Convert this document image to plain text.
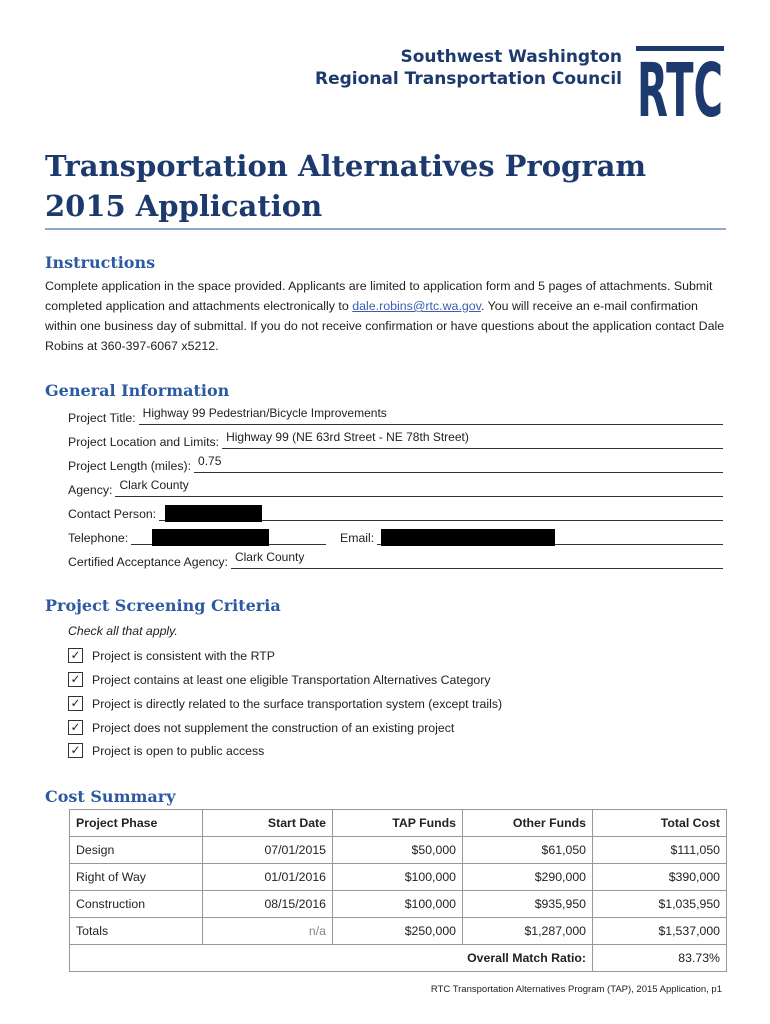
Southwest Washington
Regional Transportation Council RTC
Transportation Alternatives Program
2015 Application
Instructions
Complete application in the space provided. Applicants are limited to application form and 5 pages of attachments. Submit completed application and attachments electronically to dale.robins@rtc.wa.gov. You will receive an e-mail confirmation within one business day of submittal. If you do not receive confirmation or have questions about the application contact Dale Robins at 360-397-6067 x5212.
General Information
Project Title: Highway 99 Pedestrian/Bicycle Improvements
Project Location and Limits: Highway 99 (NE 63rd Street - NE 78th Street)
Project Length (miles): 0.75
Agency: Clark County
Contact Person:
Telephone:	Email:
Certified Acceptance Agency: Clark County
Project Screening Criteria
Check all that apply.
✓ Project is consistent with the RTP
✓ Project contains at least one eligible Transportation Alternatives Category
✓ Project is directly related to the surface transportation system (except trails)
✓ Project does not supplement the construction of an existing project
✓ Project is open to public access
Cost Summary
Project Phase	Start Date	TAP Funds	Other Funds	Total Cost
Design	07/01/2015	$50,000	$61,050	$111,050
Right of Way	01/01/2016	$100,000	$290,000	$390,000
Construction	08/15/2016	$100,000	$935,950	$1,035,950
Totals	n/a	$250,000	$1,287,000	$1,537,000
Overall Match Ratio:				83.73%
RTC Transportation Alternatives Program (TAP), 2015 Application, p1
